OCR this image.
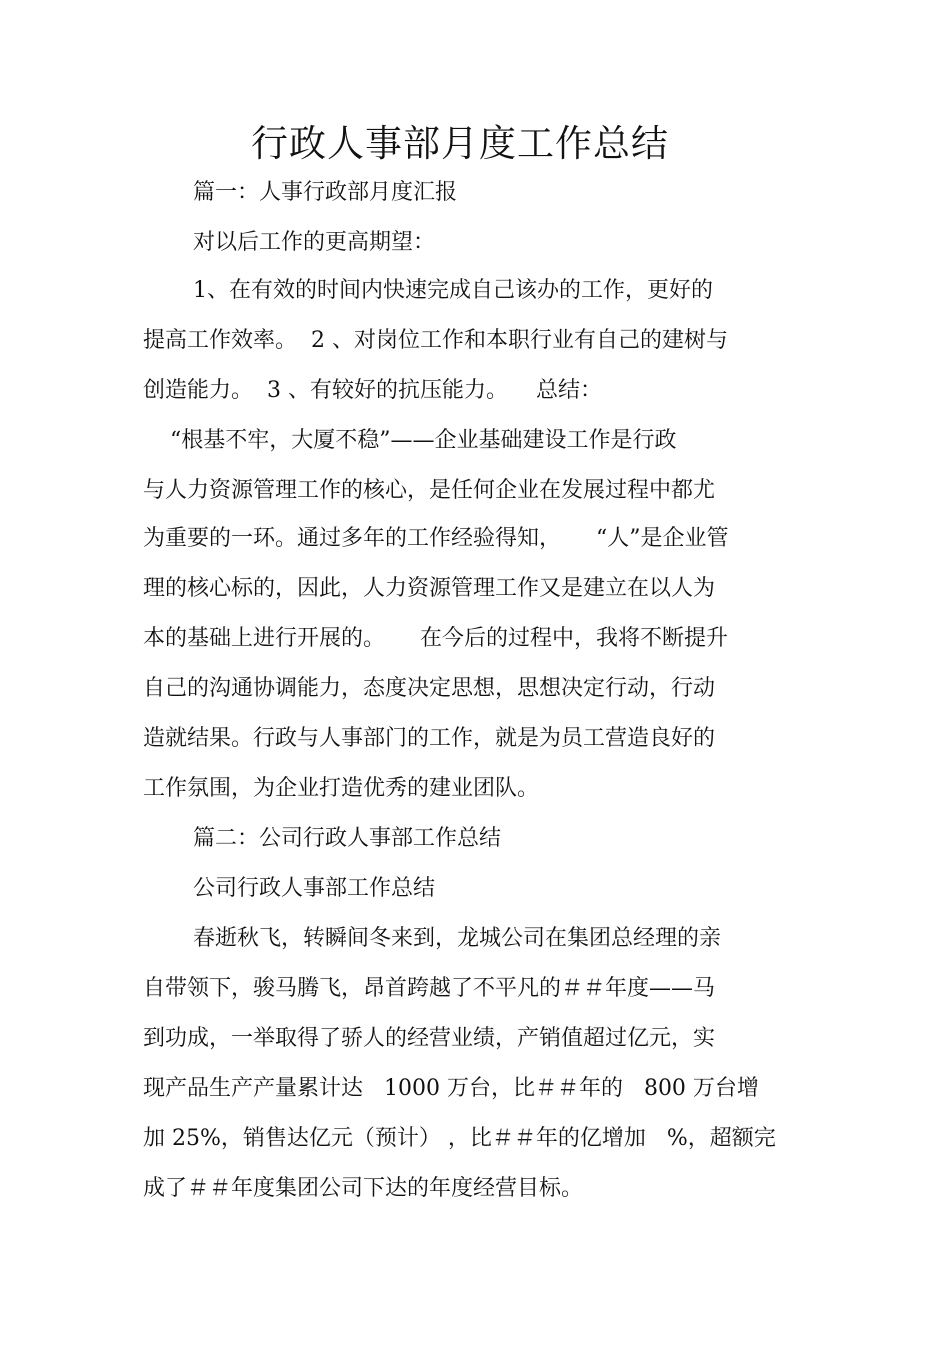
行政人事部月度工作总结
篇一：人事行政部月度汇报
对以后工作的更高期望：
1、在有效的时间内快速完成自己该办的工作，更好的
提高工作效率。  2 、对岗位工作和本职行业有自己的建树与
创造能力。  3 、有较好的抗压能力。    总结：
“根基不牢，大厦不稳”——企业基础建设工作是行政
与人力资源管理工作的核心，是任何企业在发展过程中都尤
为重要的一环。通过多年的工作经验得知，     “人”是企业管
理的核心标的，因此，人力资源管理工作又是建立在以人为
本的基础上进行开展的。     在今后的过程中，我将不断提升
自己的沟通协调能力，态度决定思想，思想决定行动，行动
造就结果。行政与人事部门的工作，就是为员工营造良好的
工作氛围，为企业打造优秀的建业团队。
篇二：公司行政人事部工作总结
公司行政人事部工作总结
春逝秋飞，转瞬间冬来到，龙城公司在集团总经理的亲
自带领下，骏马腾飞，昂首跨越了不平凡的＃＃年度——马
到功成，一举取得了骄人的经营业绩，产销值超过亿元，实
现产品生产产量累计达   1000 万台，比＃＃年的   800 万台增
加 25%，销售达亿元（预计） ，比＃＃年的亿增加   %，超额完
成了＃＃年度集团公司下达的年度经营目标。
